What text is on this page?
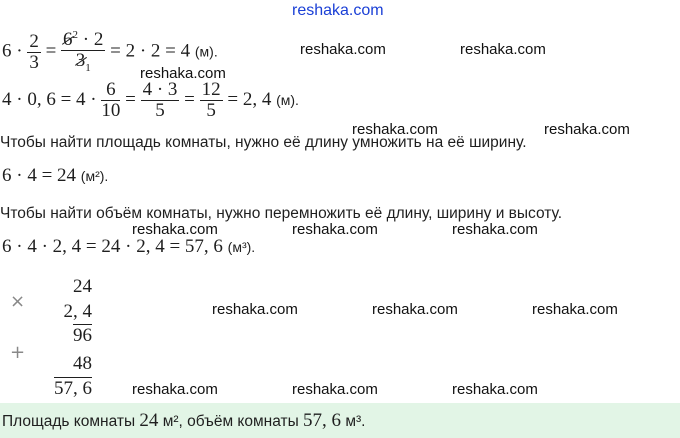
reshaka.com
$6 \cdot \frac{2}{3} = \frac{6^2 \cdot 2}{3_1} = 2 \cdot 2 = 4$ (м).
4 · 0, $6 = 4 \cdot \frac{6}{10} = \frac{4 \cdot 3}{5} = \frac{12}{5} = 2$, 4 (м).
Чтобы найти площадь комнаты, нужно её длину умножить на её ширину.
6 · 4 = 24 (м²).
Чтобы найти объём комнаты, нужно перемножить её длину, ширину и высоту.
6 · 4 · 2, 4 = 24 · 2, 4 = 57, 6 (м³).
×
+
24
2, 4
96
48
57, 6
reshaka.com	reshaka.com
reshaka.com
reshaka.com	reshaka.com
reshaka.com	reshaka.com	reshaka.com
reshaka.com	reshaka.com	reshaka.com
reshaka.com	reshaka.com	reshaka.com
Площадь комнаты 24 м², объём комнаты 57, 6 м³.
